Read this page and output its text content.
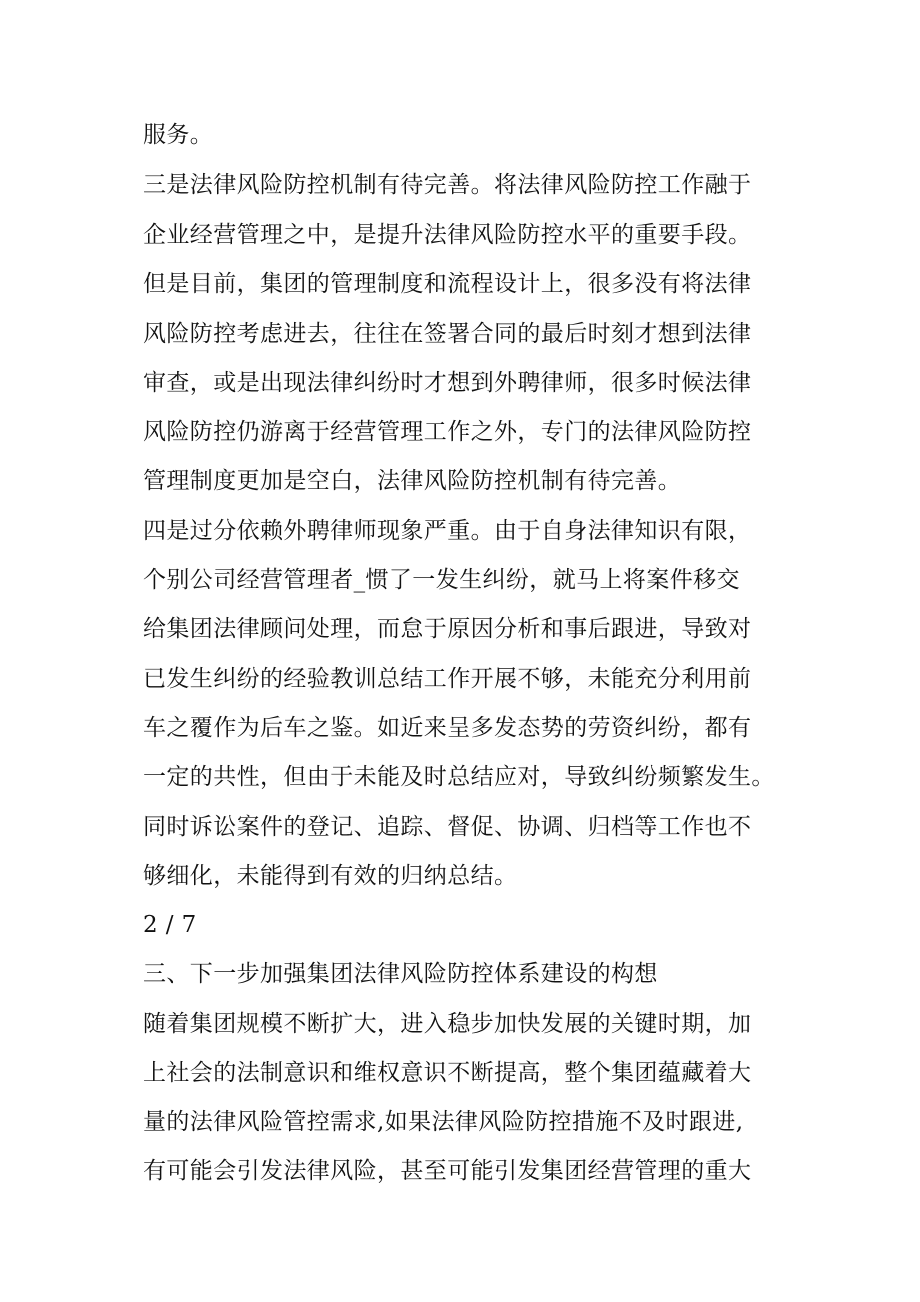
服务。

三是法律风险防控机制有待完善。将法律风险防控工作融于

企业经营管理之中，是提升法律风险防控水平的重要手段。

但是目前，集团的管理制度和流程设计上，很多没有将法律

风险防控考虑进去，往往在签署合同的最后时刻才想到法律

审查，或是出现法律纠纷时才想到外聘律师，很多时候法律

风险防控仍游离于经营管理工作之外，专门的法律风险防控

管理制度更加是空白，法律风险防控机制有待完善。

四是过分依赖外聘律师现象严重。由于自身法律知识有限，

个别公司经营管理者_惯了一发生纠纷，就马上将案件移交

给集团法律顾问处理，而怠于原因分析和事后跟进，导致对

已发生纠纷的经验教训总结工作开展不够，未能充分利用前

车之覆作为后车之鉴。如近来呈多发态势的劳资纠纷，都有

一定的共性，但由于未能及时总结应对，导致纠纷频繁发生。

同时诉讼案件的登记、追踪、督促、协调、归档等工作也不

够细化，未能得到有效的归纳总结。

2 / 7

三、下一步加强集团法律风险防控体系建设的构想

随着集团规模不断扩大，进入稳步加快发展的关键时期，加

上社会的法制意识和维权意识不断提高，整个集团蕴藏着大

量的法律风险管控需求,如果法律风险防控措施不及时跟进,

有可能会引发法律风险，甚至可能引发集团经营管理的重大
